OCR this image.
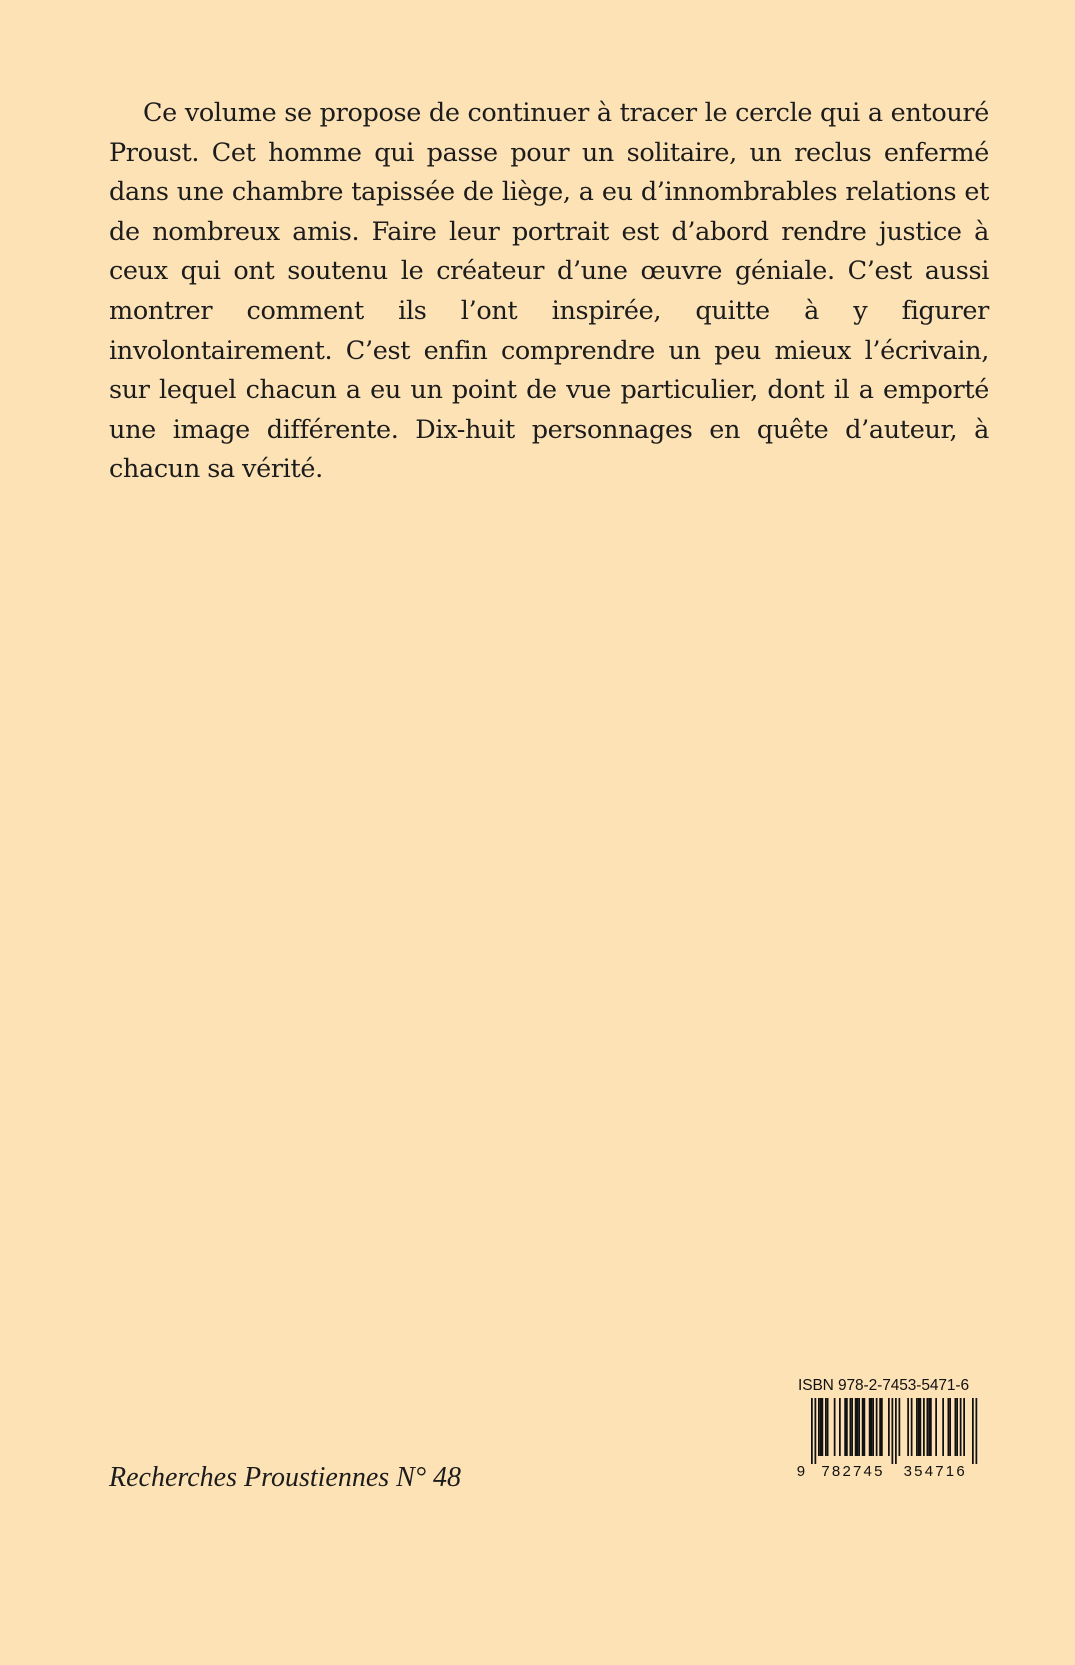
Ce volume se propose de continuer à tracer le cercle qui a entouré Proust. Cet homme qui passe pour un solitaire, un reclus enfermé dans une chambre tapissée de liège, a eu d’innombrables relations et de nombreux amis. Faire leur portrait est d’abord rendre justice à ceux qui ont soutenu le créateur d’une œuvre géniale. C’est aussi montrer comment ils l’ont inspirée, quitte à y figurer involontairement. C’est enfin comprendre un peu mieux l’écrivain, sur lequel chacun a eu un point de vue particulier, dont il a emporté une image différente. Dix-huit personnages en quête d’auteur, à chacun sa vérité.

Recherches Proustiennes N° 48

ISBN 978-2-7453-5471-6
9 782745 354716
